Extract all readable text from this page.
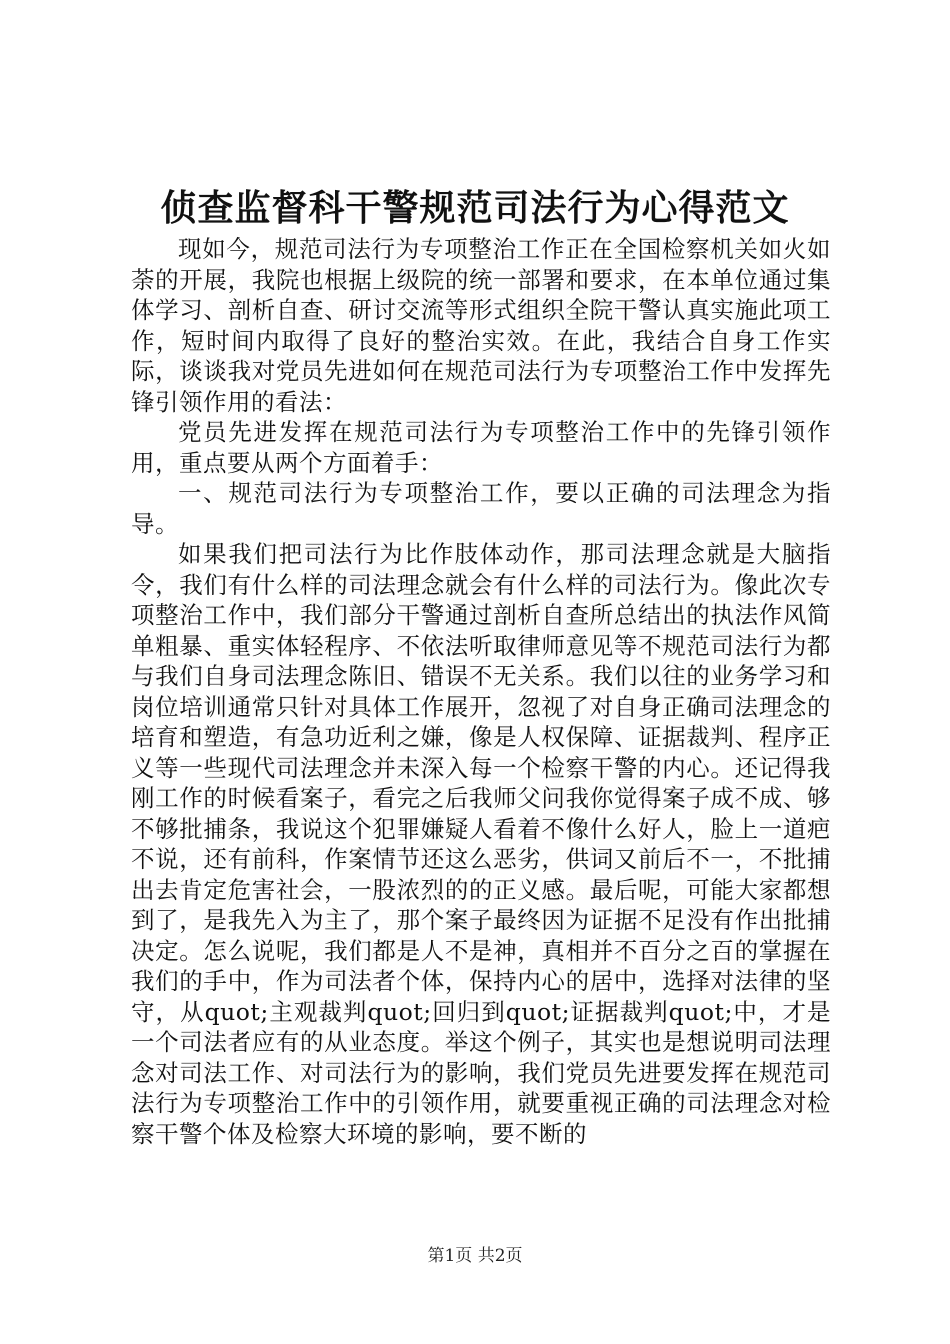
侦查监督科干警规范司法行为心得范文

现如今，规范司法行为专项整治工作正在全国检察机关如火如荼的开展，我院也根据上级院的统一部署和要求，在本单位通过集体学习、剖析自查、研讨交流等形式组织全院干警认真实施此项工作，短时间内取得了良好的整治实效。在此，我结合自身工作实际，谈谈我对党员先进如何在规范司法行为专项整治工作中发挥先锋引领作用的看法：

党员先进发挥在规范司法行为专项整治工作中的先锋引领作用，重点要从两个方面着手：

一、规范司法行为专项整治工作，要以正确的司法理念为指导。

如果我们把司法行为比作肢体动作，那司法理念就是大脑指令，我们有什么样的司法理念就会有什么样的司法行为。像此次专项整治工作中，我们部分干警通过剖析自查所总结出的执法作风简单粗暴、重实体轻程序、不依法听取律师意见等不规范司法行为都与我们自身司法理念陈旧、错误不无关系。我们以往的业务学习和岗位培训通常只针对具体工作展开，忽视了对自身正确司法理念的培育和塑造，有急功近利之嫌，像是人权保障、证据裁判、程序正义等一些现代司法理念并未深入每一个检察干警的内心。还记得我刚工作的时候看案子，看完之后我师父问我你觉得案子成不成、够不够批捕条，我说这个犯罪嫌疑人看着不像什么好人，脸上一道疤不说，还有前科，作案情节还这么恶劣，供词又前后不一，不批捕出去肯定危害社会，一股浓烈的的正义感。最后呢，可能大家都想到了，是我先入为主了，那个案子最终因为证据不足没有作出批捕决定。怎么说呢，我们都是人不是神，真相并不百分之百的掌握在我们的手中，作为司法者个体，保持内心的居中，选择对法律的坚守，从quot;主观裁判quot;回归到quot;证据裁判quot;中，才是一个司法者应有的从业态度。举这个例子，其实也是想说明司法理念对司法工作、对司法行为的影响，我们党员先进要发挥在规范司法行为专项整治工作中的引领作用，就要重视正确的司法理念对检察干警个体及检察大环境的影响，要不断的

第1页 共2页
